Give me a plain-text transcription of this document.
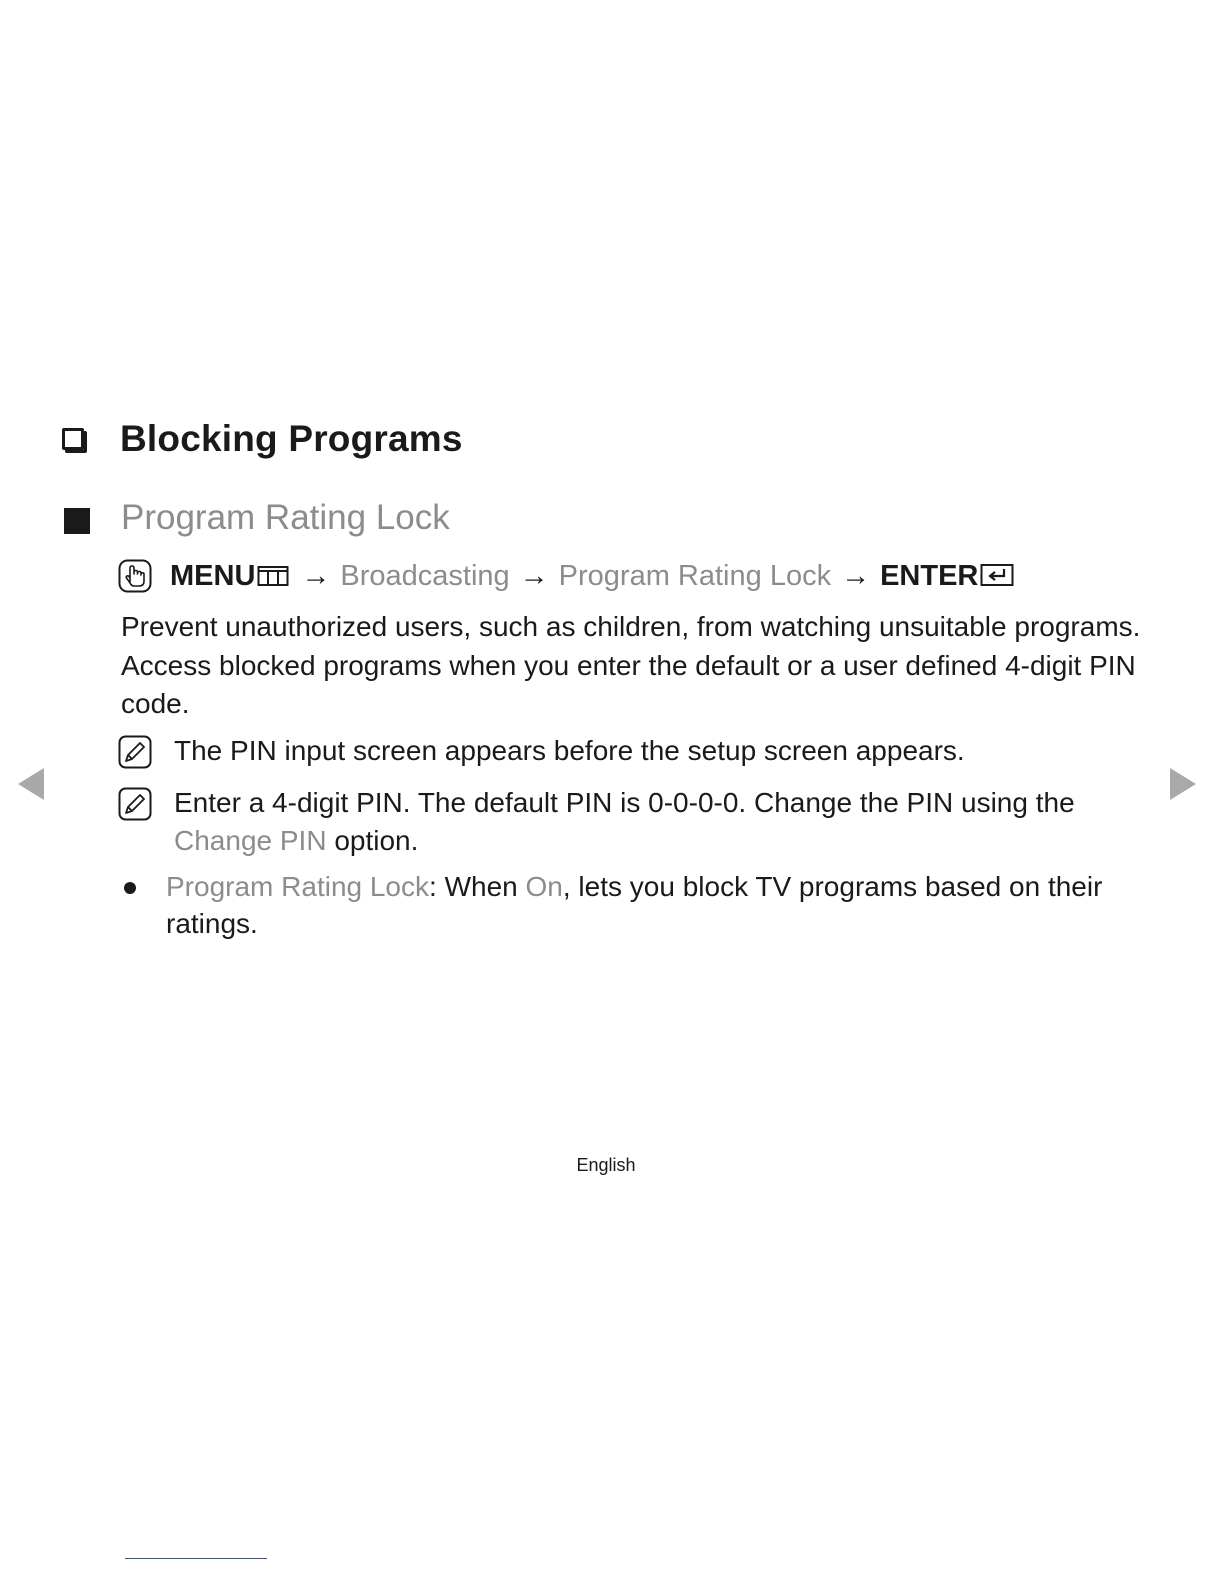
Blocking Programs
Program Rating Lock
MENU → Broadcasting → Program Rating Lock → ENTER
Prevent unauthorized users, such as children, from watching unsuitable programs. Access blocked programs when you enter the default or a user defined 4-digit PIN code.
The PIN input screen appears before the setup screen appears.
Enter a 4-digit PIN. The default PIN is 0-0-0-0. Change the PIN using the Change PIN option.
Program Rating Lock: When On, lets you block TV programs based on their ratings.
English
